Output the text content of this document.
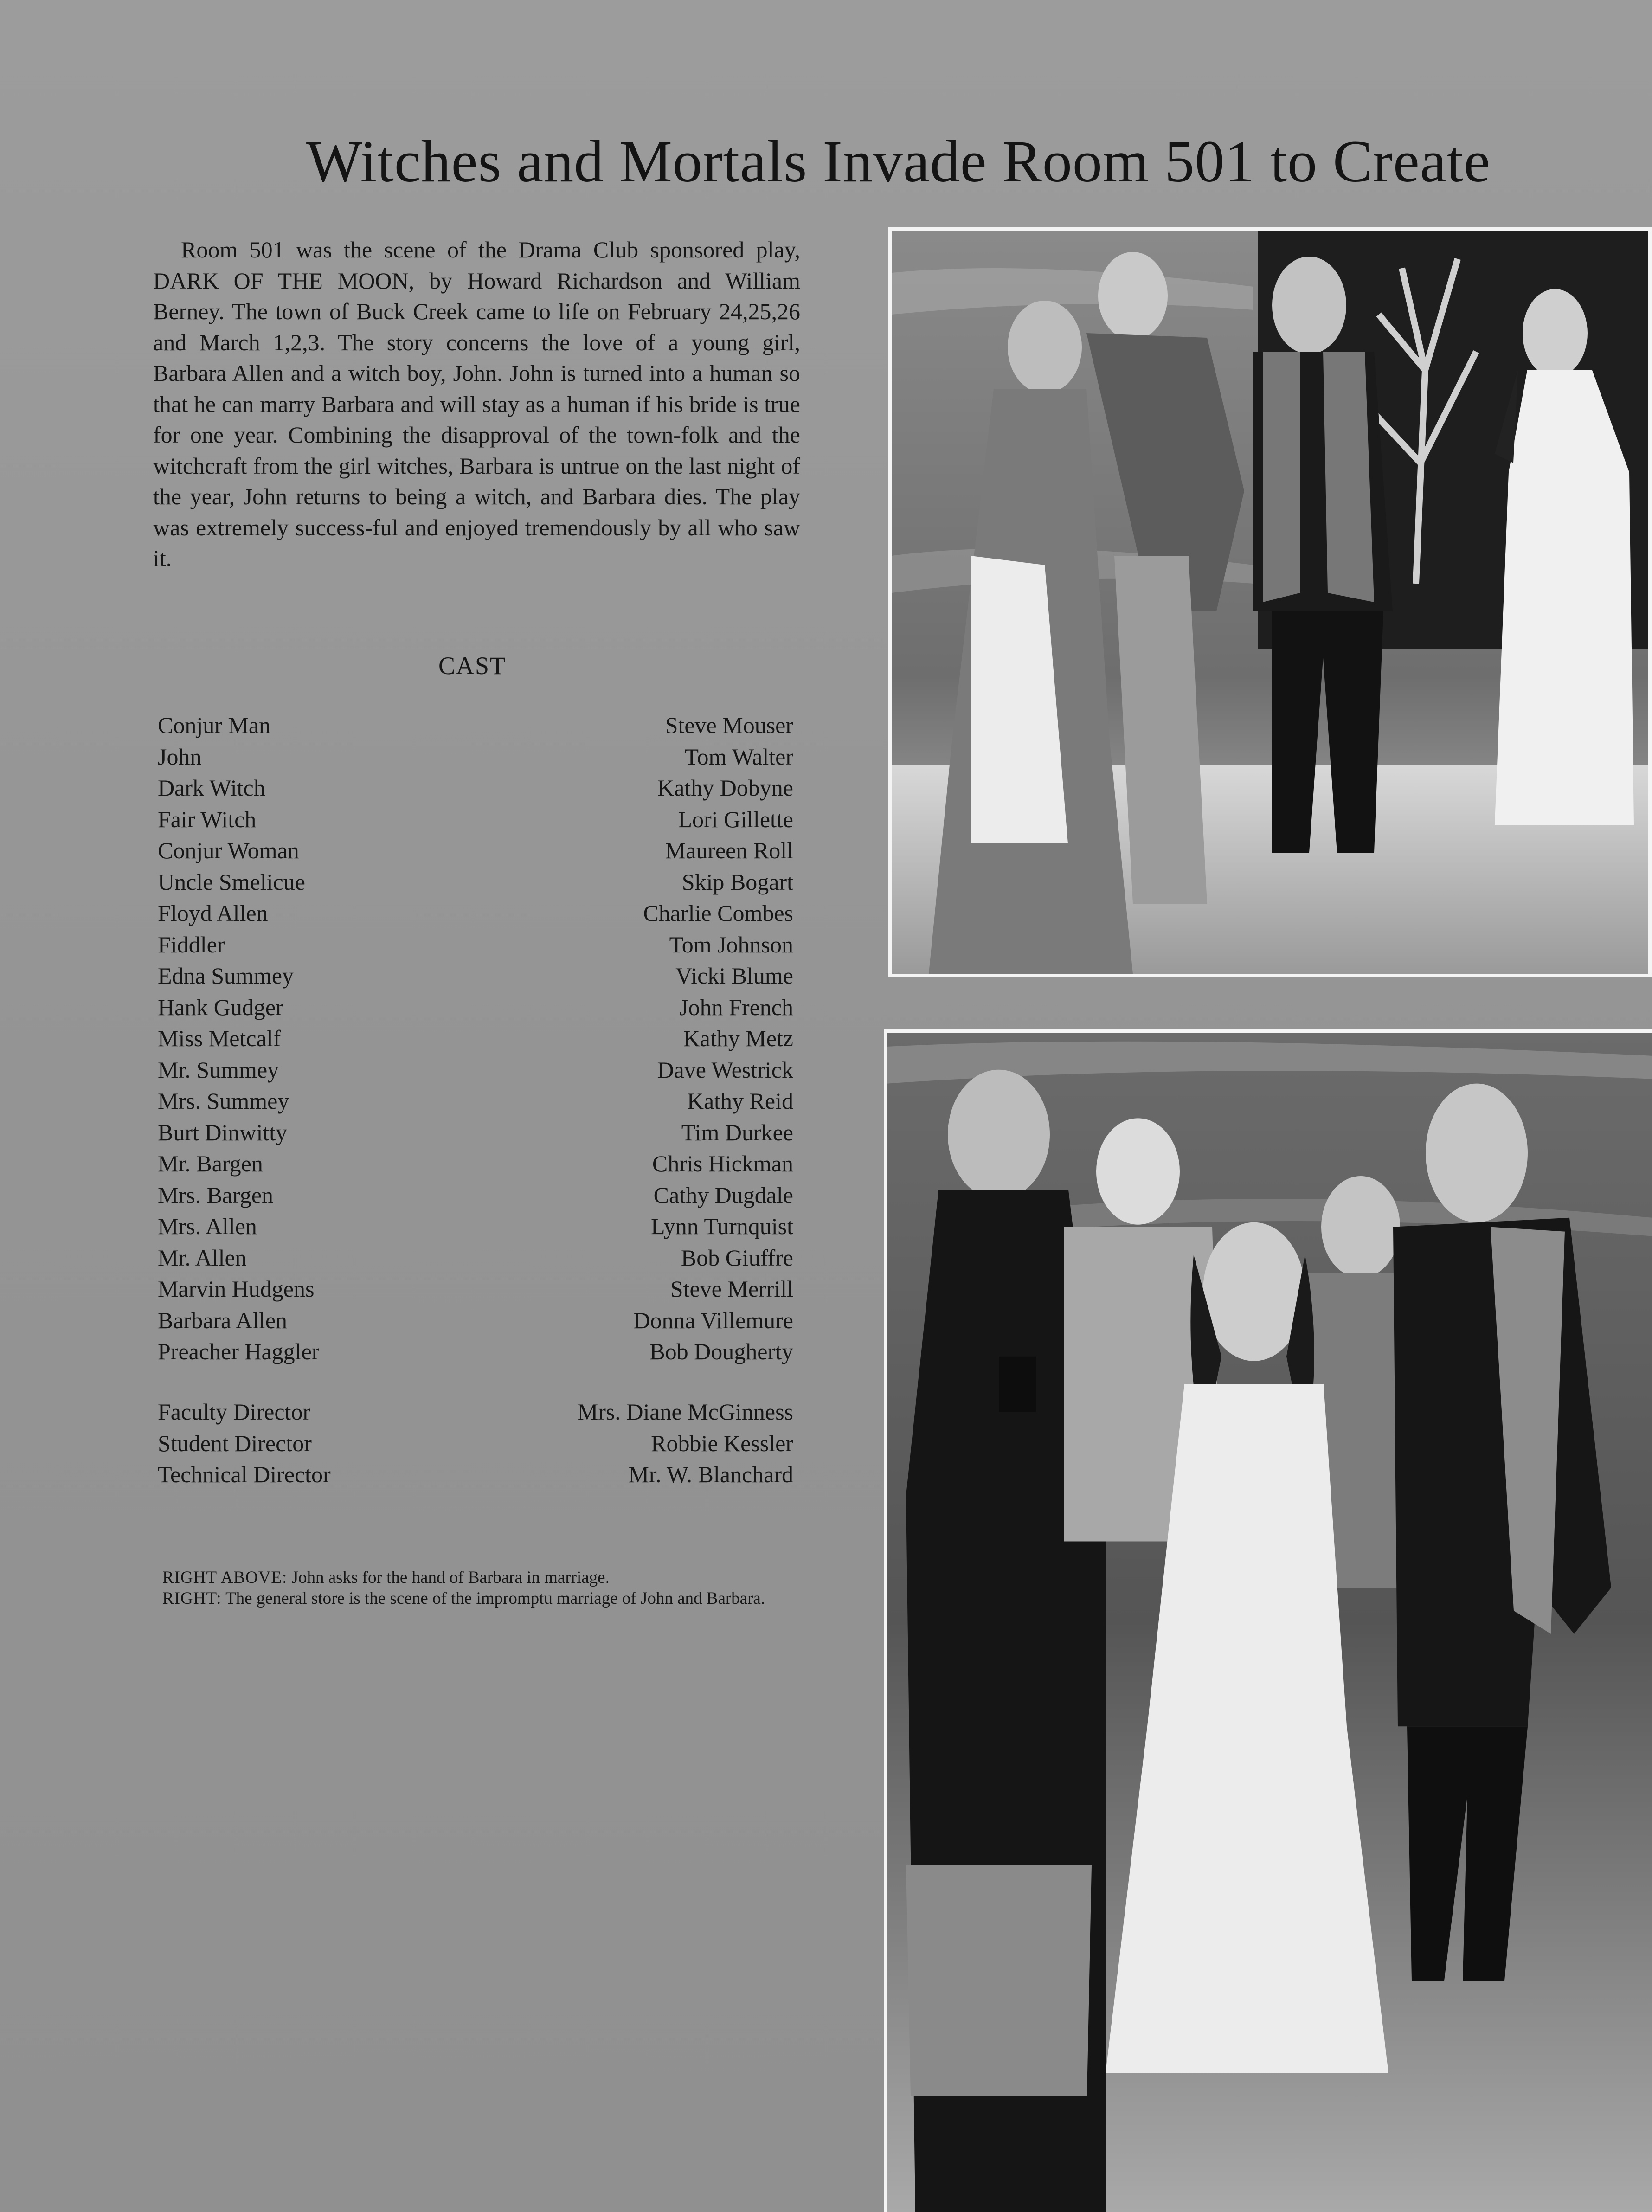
Witches and Mortals Invade Room 501 to Create

Room 501 was the scene of the Drama Club sponsored play, DARK OF THE MOON, by Howard Richardson and William Berney. The town of Buck Creek came to life on February 24,25,26 and March 1,2,3. The story concerns the love of a young girl, Barbara Allen and a witch boy, John. John is turned into a human so that he can marry Barbara and will stay as a human if his bride is true for one year. Combining the disapproval of the town-folk and the witchcraft from the girl witches, Barbara is untrue on the last night of the year, John returns to being a witch, and Barbara dies. The play was extremely success-ful and enjoyed tremendously by all who saw it.

CAST
Conjur Man	Steve Mouser
John	Tom Walter
Dark Witch	Kathy Dobyne
Fair Witch	Lori Gillette
Conjur Woman	Maureen Roll
Uncle Smelicue	Skip Bogart
Floyd Allen	Charlie Combes
Fiddler	Tom Johnson
Edna Summey	Vicki Blume
Hank Gudger	John French
Miss Metcalf	Kathy Metz
Mr. Summey	Dave Westrick
Mrs. Summey	Kathy Reid
Burt Dinwitty	Tim Durkee
Mr. Bargen	Chris Hickman
Mrs. Bargen	Cathy Dugdale
Mrs. Allen	Lynn Turnquist
Mr. Allen	Bob Giuffre
Marvin Hudgens	Steve Merrill
Barbara Allen	Donna Villemure
Preacher Haggler	Bob Dougherty
Faculty Director	Mrs. Diane McGinness
Student Director	Robbie Kessler
Technical Director	Mr. W. Blanchard

RIGHT ABOVE: John asks for the hand of Barbara in marriage.

RIGHT: The general store is the scene of the impromptu marriage of John and Barbara.
